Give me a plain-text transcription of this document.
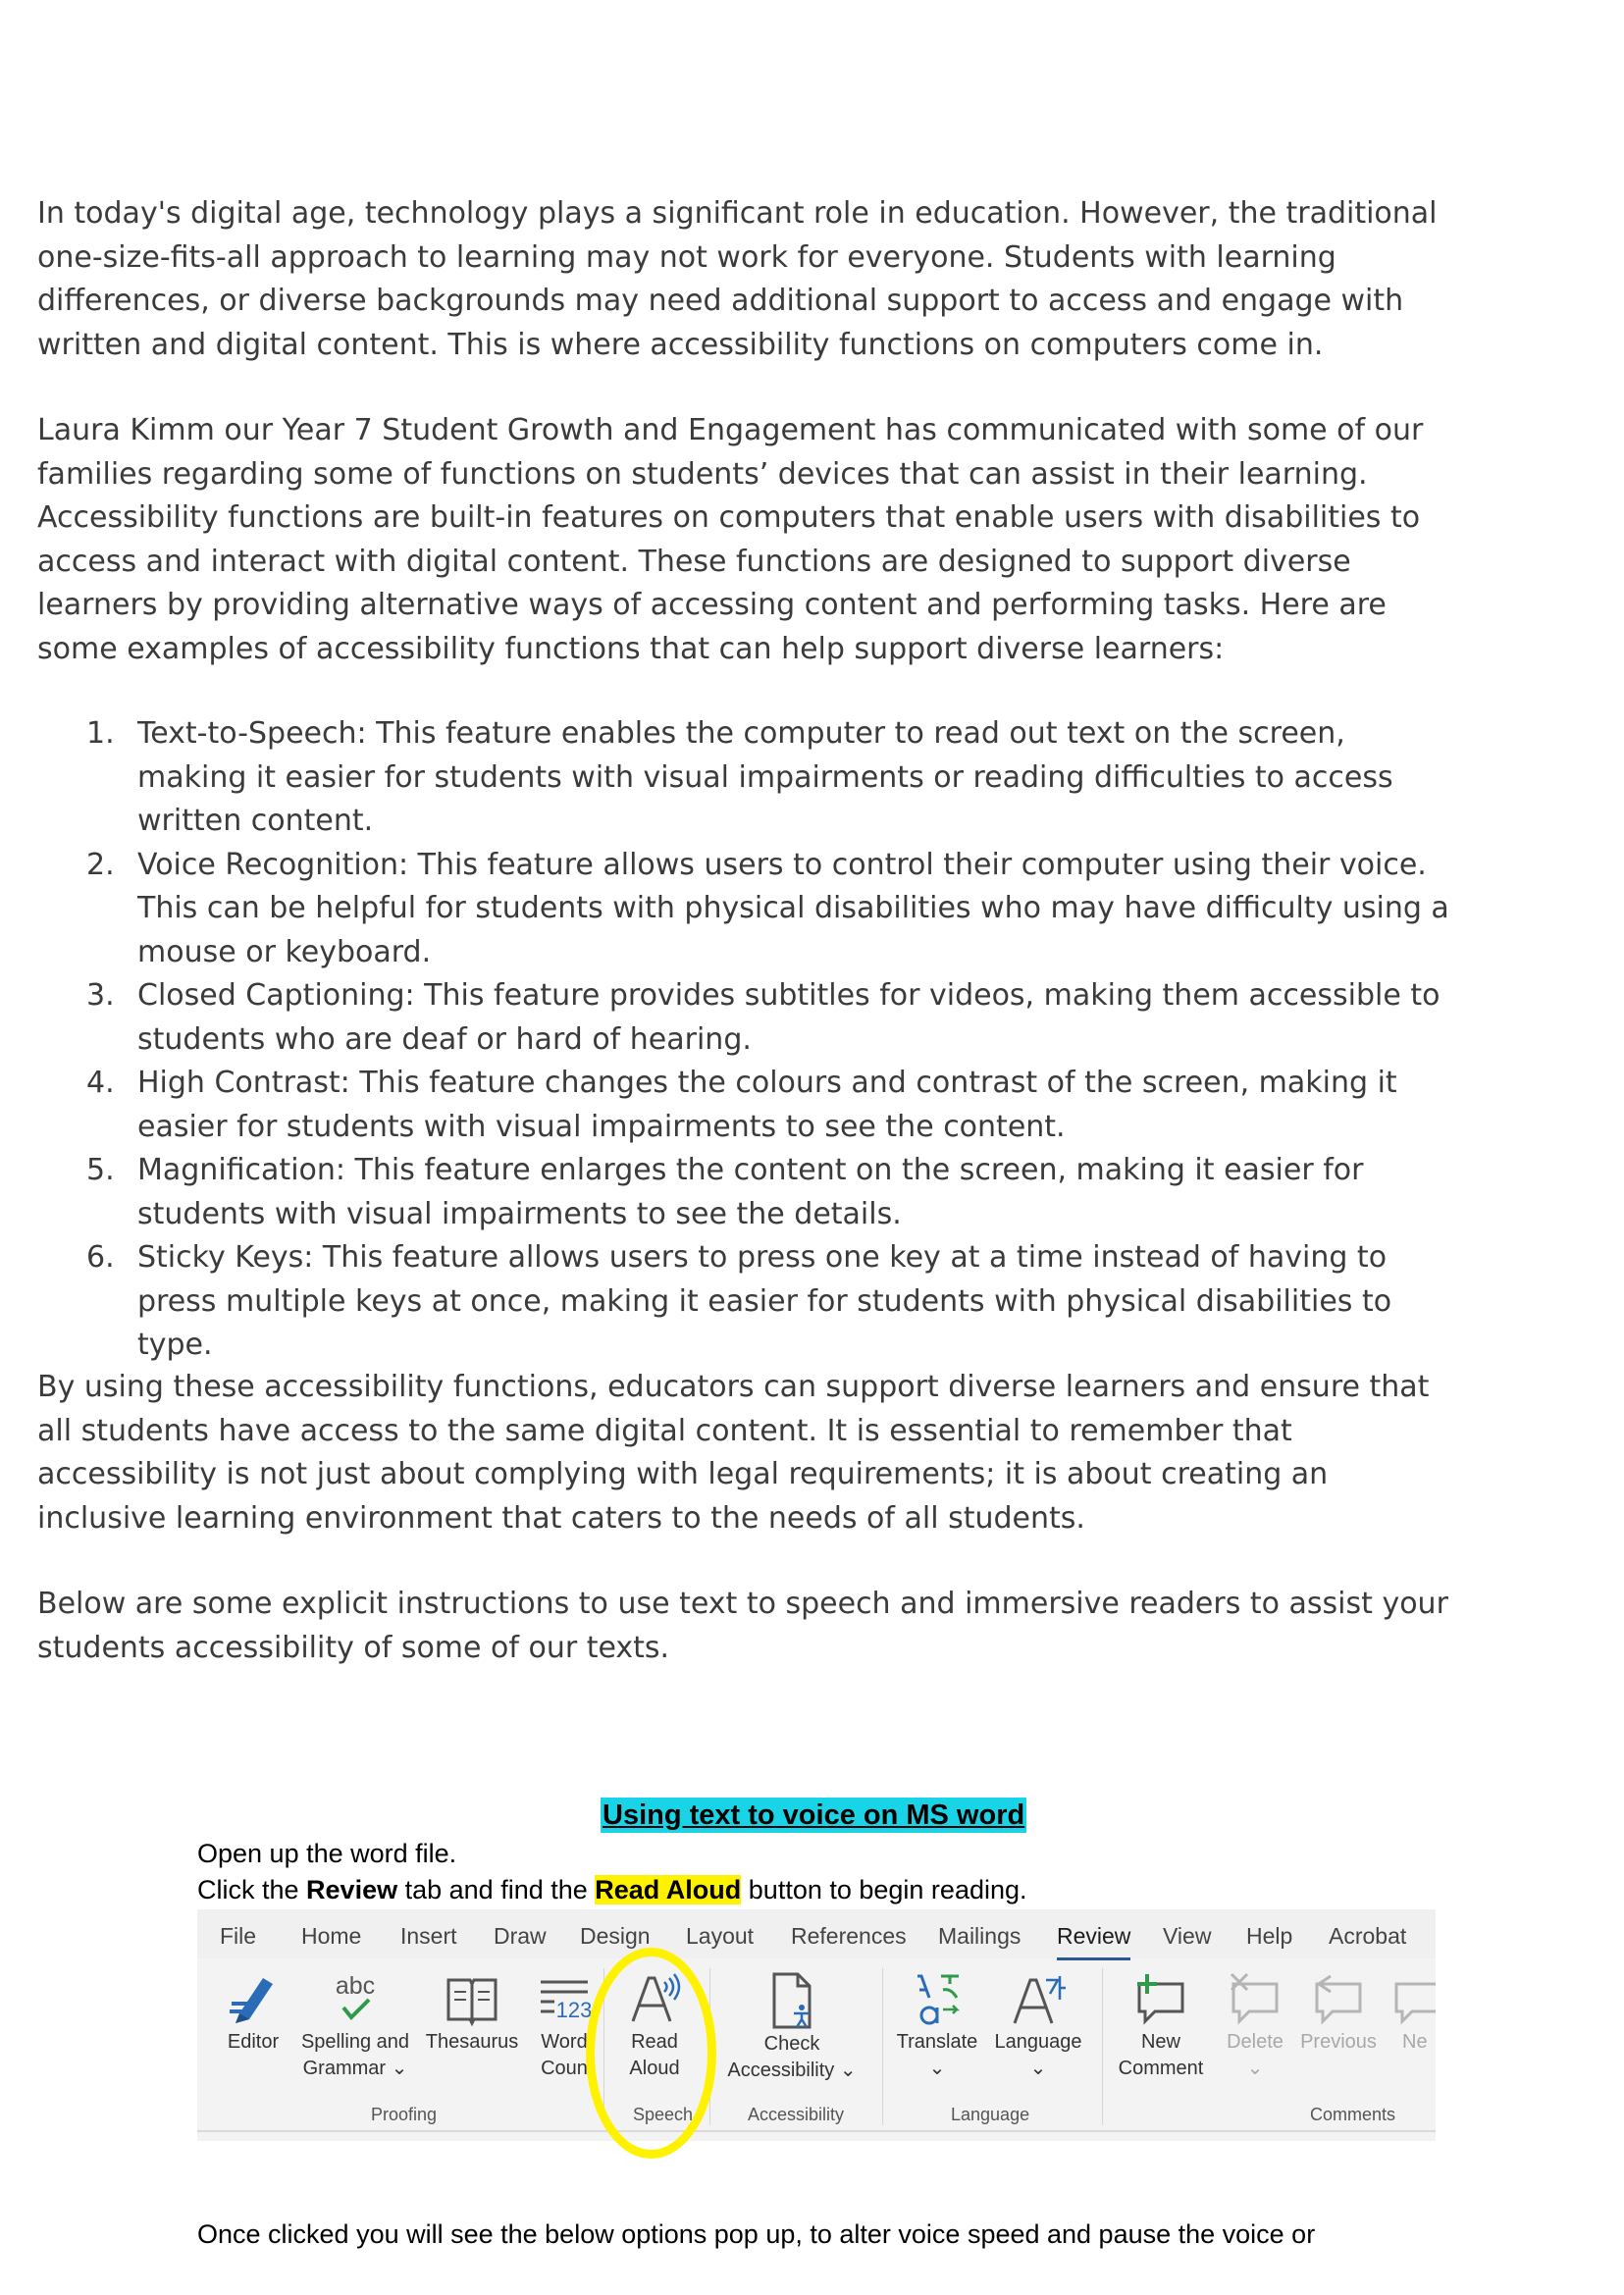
In today's digital age, technology plays a significant role in education. However, the traditional one-size-fits-all approach to learning may not work for everyone. Students with learning differences, or diverse backgrounds may need additional support to access and engage with written and digital content. This is where accessibility functions on computers come in.

Laura Kimm our Year 7 Student Growth and Engagement has communicated with some of our families regarding some of functions on students’ devices that can assist in their learning. Accessibility functions are built-in features on computers that enable users with disabilities to access and interact with digital content. These functions are designed to support diverse learners by providing alternative ways of accessing content and performing tasks. Here are some examples of accessibility functions that can help support diverse learners:

1. Text-to-Speech: This feature enables the computer to read out text on the screen, making it easier for students with visual impairments or reading difficulties to access written content.
2. Voice Recognition: This feature allows users to control their computer using their voice. This can be helpful for students with physical disabilities who may have difficulty using a mouse or keyboard.
3. Closed Captioning: This feature provides subtitles for videos, making them accessible to students who are deaf or hard of hearing.
4. High Contrast: This feature changes the colours and contrast of the screen, making it easier for students with visual impairments to see the content.
5. Magnification: This feature enlarges the content on the screen, making it easier for students with visual impairments to see the details.
6. Sticky Keys: This feature allows users to press one key at a time instead of having to press multiple keys at once, making it easier for students with physical disabilities to type.

By using these accessibility functions, educators can support diverse learners and ensure that all students have access to the same digital content. It is essential to remember that accessibility is not just about complying with legal requirements; it is about creating an inclusive learning environment that caters to the needs of all students.

Below are some explicit instructions to use text to speech and immersive readers to assist your students accessibility of some of our texts.

Using text to voice on MS word

Open up the word file.

Click the Review tab and find the Read Aloud button to begin reading.

File Home Insert Draw Design Layout References Mailings Review View Help Acrobat
Editor
abc
Spelling and
Grammar ⌄
Thesaurus
123
Word
Coun
Read
Aloud
Check
Accessibility ⌄
Translate
⌄
Language
⌄
New
Comment
Delete
⌄
Previous	Ne
Proofing	Speech	Accessibility	Language	Comments

Once clicked you will see the below options pop up, to alter voice speed and pause the voice or
